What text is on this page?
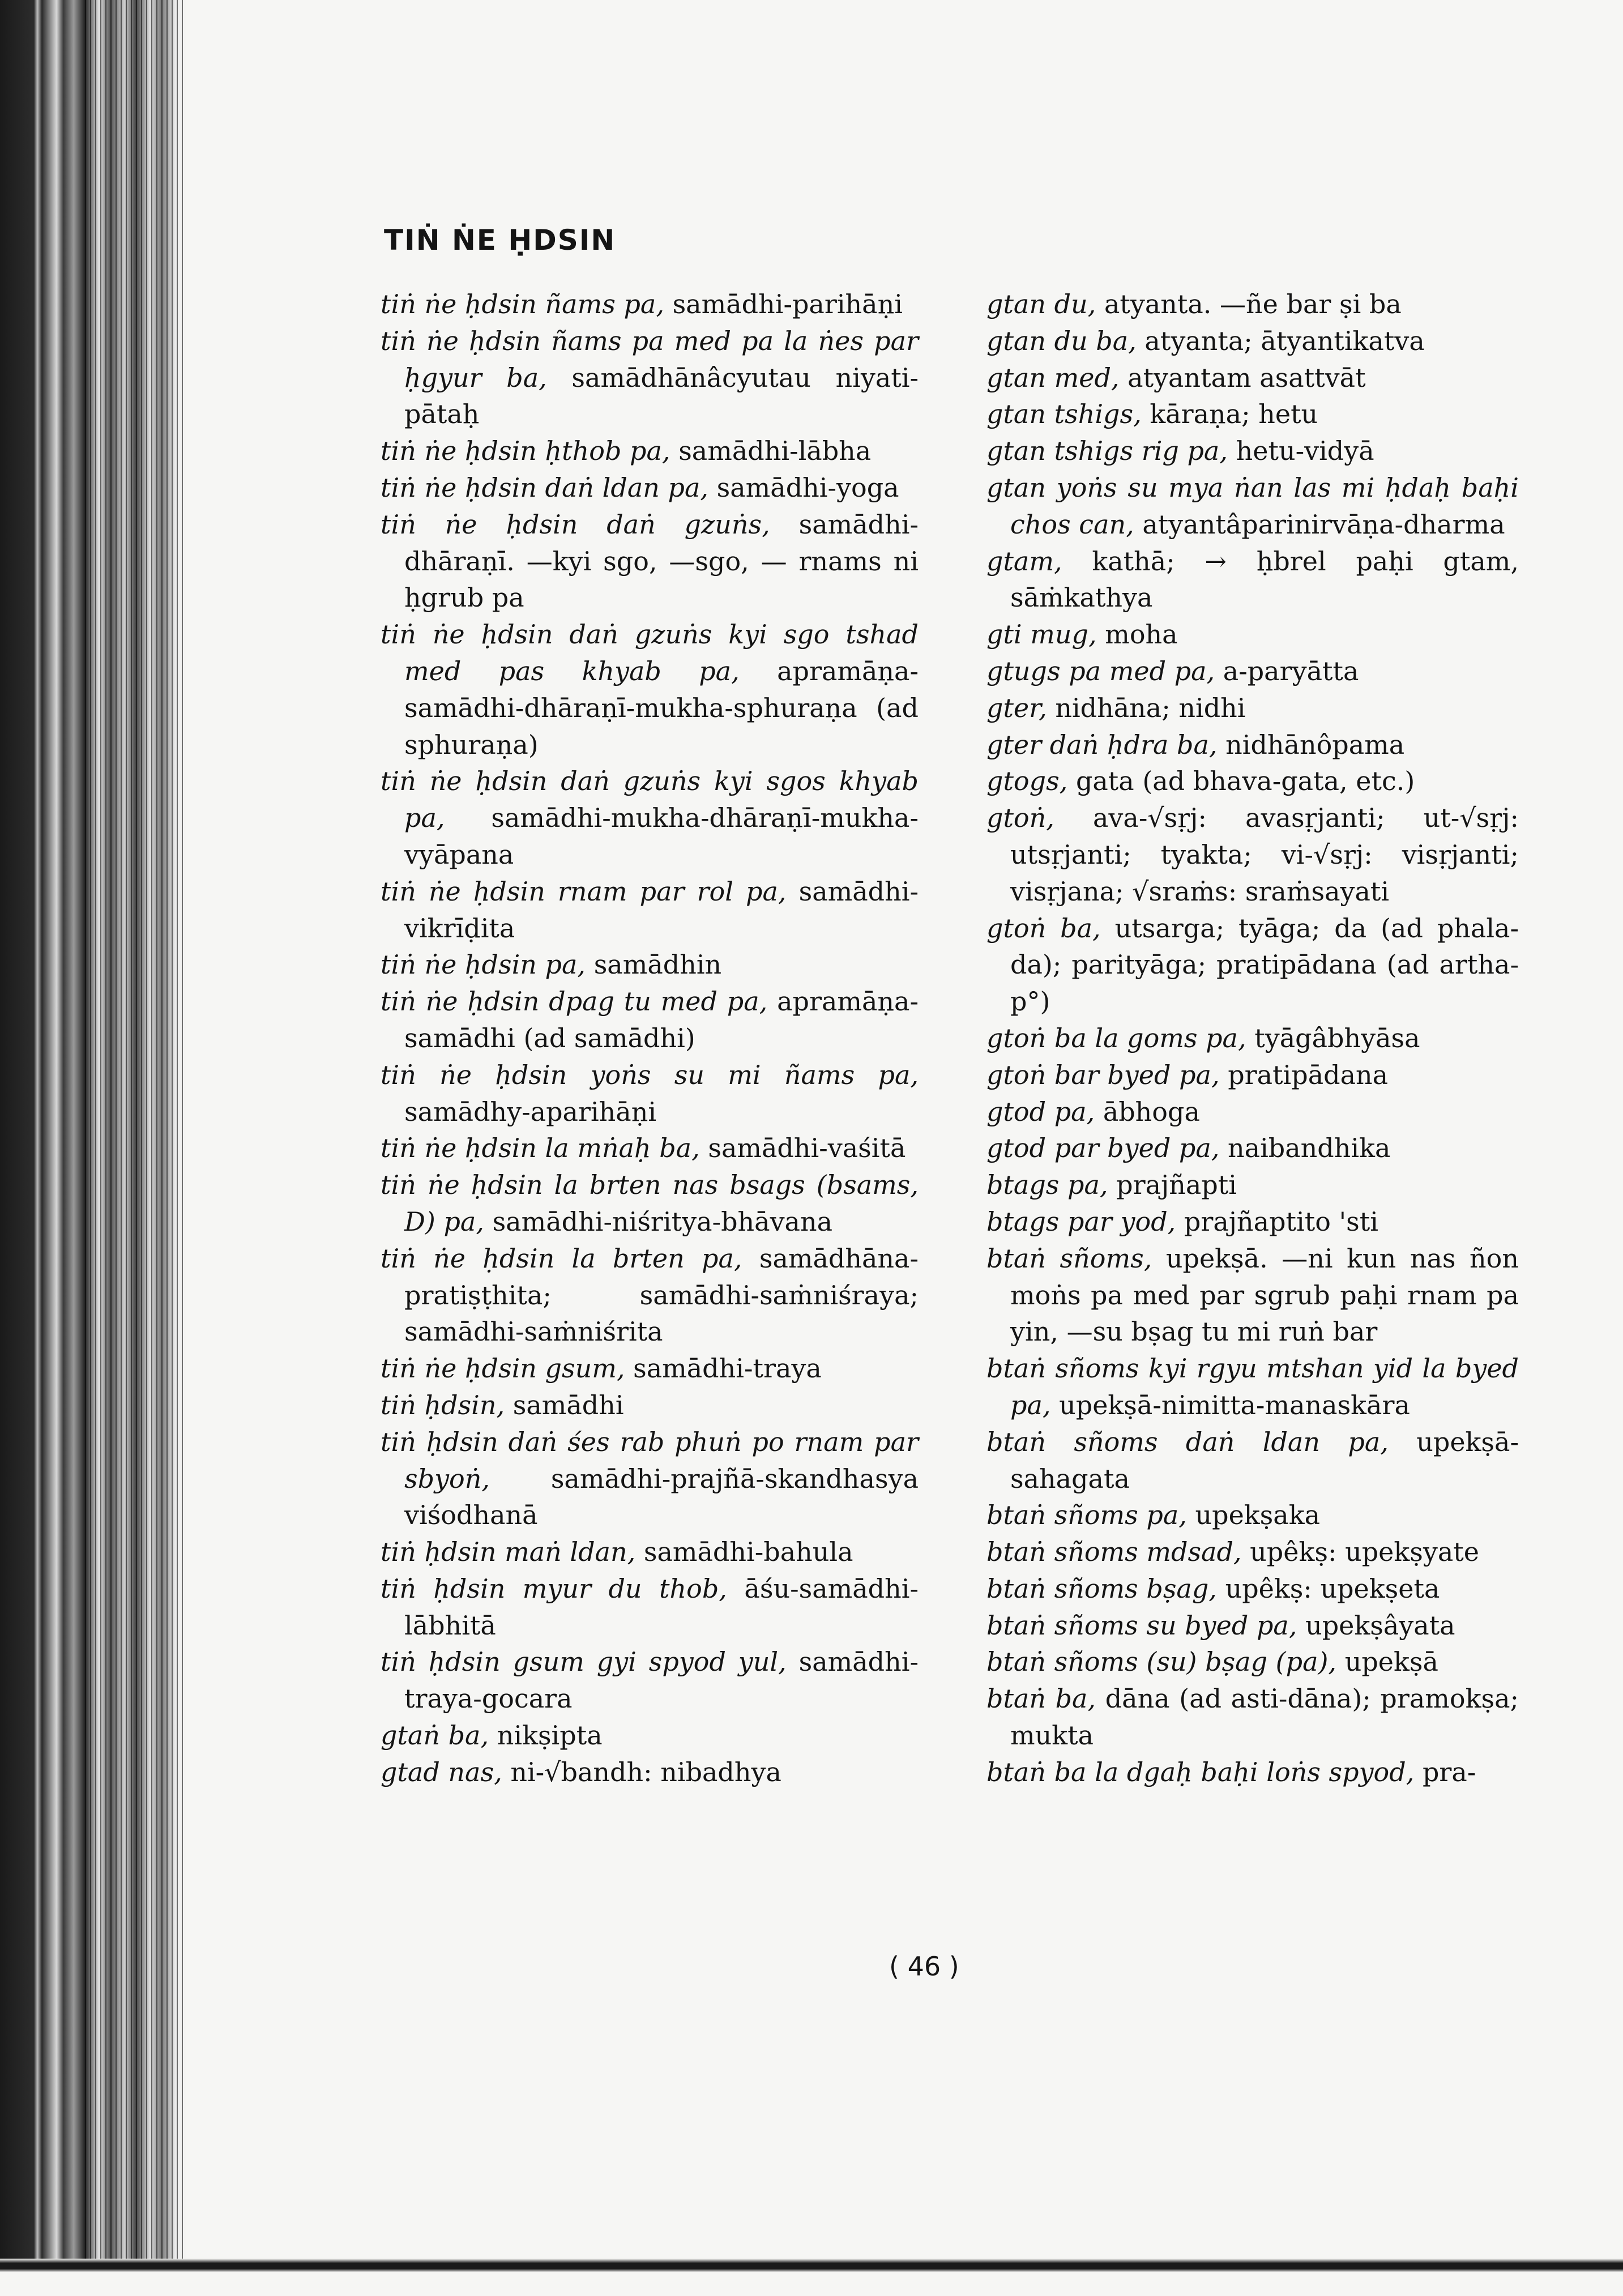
TIṄ ṄE ḤDSIN

tiṅ ṅe ḥdsin ñams pa, samādhi-parihāṇi

tiṅ ṅe ḥdsin ñams pa med pa la ṅes par ḥgyur ba, samādhānâcyutau niyati-pātaḥ

tiṅ ṅe ḥdsin ḥthob pa, samādhi-lābha

tiṅ ṅe ḥdsin daṅ ldan pa, samādhi-yoga

tiṅ ṅe ḥdsin daṅ gzuṅs, samādhi-dhāraṇī. —kyi sgo, —sgo, — rnams ni ḥgrub pa

tiṅ ṅe ḥdsin daṅ gzuṅs kyi sgo tshad med pas khyab pa, apramāṇa-samādhi-dhāraṇī-mukha-sphuraṇa (ad sphuraṇa)

tiṅ ṅe ḥdsin daṅ gzuṅs kyi sgos khyab pa, samādhi-mukha-dhāraṇī-mukha-vyāpana

tiṅ ṅe ḥdsin rnam par rol pa, samādhi-vikrīḍita

tiṅ ṅe ḥdsin pa, samādhin

tiṅ ṅe ḥdsin dpag tu med pa, apramāṇa-samādhi (ad samādhi)

tiṅ ṅe ḥdsin yoṅs su mi ñams pa, samādhy-aparihāṇi

tiṅ ṅe ḥdsin la mṅaḥ ba, samādhi-vaśitā

tiṅ ṅe ḥdsin la brten nas bsags (bsams, D) pa, samādhi-niśritya-bhāvana

tiṅ ṅe ḥdsin la brten pa, samādhāna-pratiṣṭhita; samādhi-saṁniśraya; samādhi-saṁniśrita

tiṅ ṅe ḥdsin gsum, samādhi-traya

tiṅ ḥdsin, samādhi

tiṅ ḥdsin daṅ śes rab phuṅ po rnam par sbyoṅ, samādhi-prajñā-skandhasya viśodhanā

tiṅ ḥdsin maṅ ldan, samādhi-bahula

tiṅ ḥdsin myur du thob, āśu-samādhi-lābhitā

tiṅ ḥdsin gsum gyi spyod yul, samādhi-traya-gocara

gtaṅ ba, nikṣipta

gtad nas, ni-√bandh: nibadhya

gtan du, atyanta. —ñe bar ṣi ba

gtan du ba, atyanta; ātyantikatva

gtan med, atyantam asattvāt

gtan tshigs, kāraṇa; hetu

gtan tshigs rig pa, hetu-vidyā

gtan yoṅs su mya ṅan las mi ḥdaḥ baḥi chos can, atyantâparinirvāṇa-dharma

gtam, kathā; → ḥbrel paḥi gtam, sāṁkathya

gti mug, moha

gtugs pa med pa, a-paryātta

gter, nidhāna; nidhi

gter daṅ ḥdra ba, nidhānôpama

gtogs, gata (ad bhava-gata, etc.)

gtoṅ, ava-√sṛj: avasṛjanti; ut-√sṛj: utsṛjanti; tyakta; vi-√sṛj: visṛjanti; visṛjana; √sraṁs: sraṁsayati

gtoṅ ba, utsarga; tyāga; da (ad phala-da); parityāga; pratipādana (ad artha-p°)

gtoṅ ba la goms pa, tyāgâbhyāsa

gtoṅ bar byed pa, pratipādana

gtod pa, ābhoga

gtod par byed pa, naibandhika

btags pa, prajñapti

btags par yod, prajñaptito 'sti

btaṅ sñoms, upekṣā. —ni kun nas ñon moṅs pa med par sgrub paḥi rnam pa yin, —su bṣag tu mi ruṅ bar

btaṅ sñoms kyi rgyu mtshan yid la byed pa, upekṣā-nimitta-manaskāra

btaṅ sñoms daṅ ldan pa, upekṣā-sahagata

btaṅ sñoms pa, upekṣaka

btaṅ sñoms mdsad, upêkṣ: upekṣyate

btaṅ sñoms bṣag, upêkṣ: upekṣeta

btaṅ sñoms su byed pa, upekṣâyata

btaṅ sñoms (su) bṣag (pa), upekṣā

btaṅ ba, dāna (ad asti-dāna); pramokṣa; mukta

btaṅ ba la dgaḥ baḥi loṅs spyod, pra-

( 46 )
